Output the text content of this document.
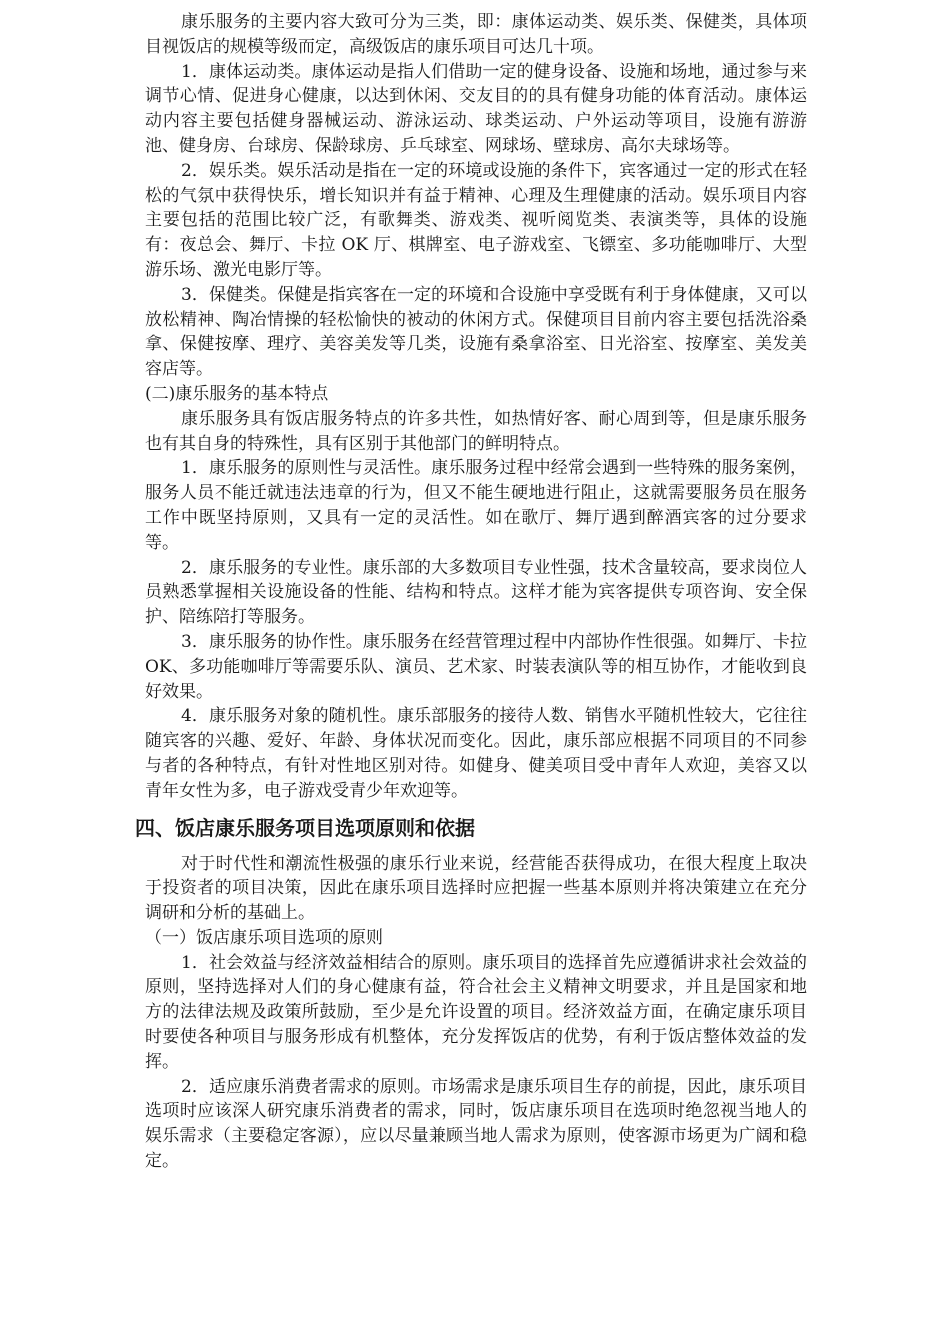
康乐服务的主要内容大致可分为三类，即：康体运动类、娱乐类、保健类，具体项目视饭店的规模等级而定，高级饭店的康乐项目可达几十项。

1．康体运动类。康体运动是指人们借助一定的健身设备、设施和场地，通过参与来调节心情、促进身心健康，以达到休闲、交友目的的具有健身功能的体育活动。康体运动内容主要包括健身器械运动、游泳运动、球类运动、户外运动等项目，设施有游游池、健身房、台球房、保龄球房、乒乓球室、网球场、壁球房、高尔夫球场等。

2．娱乐类。娱乐活动是指在一定的环境或设施的条件下，宾客通过一定的形式在轻松的气氛中获得快乐，增长知识并有益于精神、心理及生理健康的活动。娱乐项目内容主要包括的范围比较广泛，有歌舞类、游戏类、视听阅览类、表演类等，具体的设施有：夜总会、舞厅、卡拉 OK 厅、棋牌室、电子游戏室、飞镖室、多功能咖啡厅、大型游乐场、激光电影厅等。

3．保健类。保健是指宾客在一定的环境和合设施中享受既有利于身体健康，又可以放松精神、陶冶情操的轻松愉快的被动的休闲方式。保健项目目前内容主要包括洗浴桑拿、保健按摩、理疗、美容美发等几类，设施有桑拿浴室、日光浴室、按摩室、美发美容店等。

(二)康乐服务的基本特点

康乐服务具有饭店服务特点的许多共性，如热情好客、耐心周到等，但是康乐服务也有其自身的特殊性，具有区别于其他部门的鲜明特点。

1．康乐服务的原则性与灵活性。康乐服务过程中经常会遇到一些特殊的服务案例，服务人员不能迁就违法违章的行为，但又不能生硬地进行阻止，这就需要服务员在服务工作中既坚持原则，又具有一定的灵活性。如在歌厅、舞厅遇到醉酒宾客的过分要求等。

2．康乐服务的专业性。康乐部的大多数项目专业性强，技术含量较高，要求岗位人员熟悉掌握相关设施设备的性能、结构和特点。这样才能为宾客提供专项咨询、安全保护、陪练陪打等服务。

3．康乐服务的协作性。康乐服务在经营管理过程中内部协作性很强。如舞厅、卡拉 OK、多功能咖啡厅等需要乐队、演员、艺术家、时装表演队等的相互协作，才能收到良好效果。

4．康乐服务对象的随机性。康乐部服务的接待人数、销售水平随机性较大，它往往随宾客的兴趣、爱好、年龄、身体状况而变化。因此，康乐部应根据不同项目的不同参与者的各种特点，有针对性地区别对待。如健身、健美项目受中青年人欢迎，美容又以青年女性为多，电子游戏受青少年欢迎等。

四、饭店康乐服务项目选项原则和依据

对于时代性和潮流性极强的康乐行业来说，经营能否获得成功，在很大程度上取决于投资者的项目决策，因此在康乐项目选择时应把握一些基本原则并将决策建立在充分调研和分析的基础上。

（一）饭店康乐项目选项的原则

1．社会效益与经济效益相结合的原则。康乐项目的选择首先应遵循讲求社会效益的原则，坚持选择对人们的身心健康有益，符合社会主义精神文明要求，并且是国家和地方的法律法规及政策所鼓励，至少是允许设置的项目。经济效益方面，在确定康乐项目时要使各种项目与服务形成有机整体，充分发挥饭店的优势，有利于饭店整体效益的发挥。

2．适应康乐消费者需求的原则。市场需求是康乐项目生存的前提，因此，康乐项目选项时应该深人研究康乐消费者的需求，同时，饭店康乐项目在选项时绝忽视当地人的娱乐需求（主要稳定客源），应以尽量兼顾当地人需求为原则，使客源市场更为广阔和稳定。
